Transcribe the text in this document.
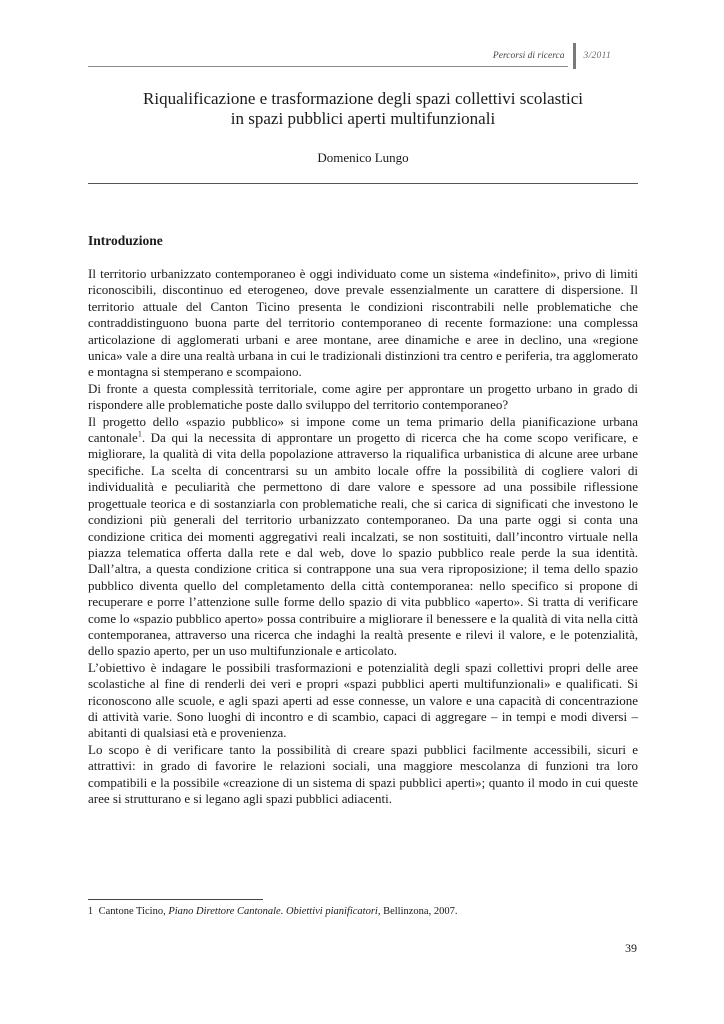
Percorsi di ricerca	3/2011
Riqualificazione e trasformazione degli spazi collettivi scolastici
in spazi pubblici aperti multifunzionali

Domenico Lungo

Introduzione

Il territorio urbanizzato contemporaneo è oggi individuato come un sistema «indefinito», privo di limiti riconoscibili, discontinuo ed eterogeneo, dove prevale essenzialmente un carattere di dispersione. Il territorio attuale del Canton Ticino presenta le condizioni riscontrabili nelle problematiche che contraddistinguono buona parte del territorio contemporaneo di recente formazione: una complessa articolazione di agglomerati urbani e aree montane, aree dinamiche e aree in declino, una «regione unica» vale a dire una realtà urbana in cui le tradizionali distinzioni tra centro e periferia, tra agglomerato e montagna si stemperano e scompaiono.

Di fronte a questa complessità territoriale, come agire per approntare un progetto urbano in grado di rispondere alle problematiche poste dallo sviluppo del territorio contemporaneo?

Il progetto dello «spazio pubblico» si impone come un tema primario della pianificazione urbana cantonale$^1$. Da qui la necessita di approntare un progetto di ricerca che ha come scopo verificare, e migliorare, la qualità di vita della popolazione attraverso la riqualifica urbanistica di alcune aree urbane specifiche. La scelta di concentrarsi su un ambito locale offre la possibilità di cogliere valori di individualità e peculiarità che permettono di dare valore e spessore ad una possibile riflessione progettuale teorica e di sostanziarla con problematiche reali, che si carica di significati che investono le condizioni più generali del territorio urbanizzato contemporaneo. Da una parte oggi si conta una condizione critica dei momenti aggregativi reali incalzati, se non sostituiti, dall’incontro virtuale nella piazza telematica offerta dalla rete e dal web, dove lo spazio pubblico reale perde la sua identità. Dall’altra, a questa condizione critica si contrappone una sua vera riproposizione; il tema dello spazio pubblico diventa quello del completamento della città contemporanea: nello specifico si propone di recuperare e porre l’attenzione sulle forme dello spazio di vita pubblico «aperto». Si tratta di verificare come lo «spazio pubblico aperto» possa contribuire a migliorare il benessere e la qualità di vita nella città contemporanea, attraverso una ricerca che indaghi la realtà presente e rilevi il valore, e le potenzialità, dello spazio aperto, per un uso multifunzionale e articolato.

L’obiettivo è indagare le possibili trasformazioni e potenzialità degli spazi collettivi propri delle aree scolastiche al fine di renderli dei veri e propri «spazi pubblici aperti multifunzionali» e qualificati. Si riconoscono alle scuole, e agli spazi aperti ad esse connesse, un valore e una capacità di concentrazione di attività varie. Sono luoghi di incontro e di scambio, capaci di aggregare – in tempi e modi diversi – abitanti di qualsiasi età e provenienza.

Lo scopo è di verificare tanto la possibilità di creare spazi pubblici facilmente accessibili, sicuri e attrattivi: in grado di favorire le relazioni sociali, una maggiore mescolanza di funzioni tra loro compatibili e la possibile «creazione di un sistema di spazi pubblici aperti»; quanto il modo in cui queste aree si strutturano e si legano agli spazi pubblici adiacenti.

1 Cantone Ticino, Piano Direttore Cantonale. Obiettivi pianificatori, Bellinzona, 2007.

39
